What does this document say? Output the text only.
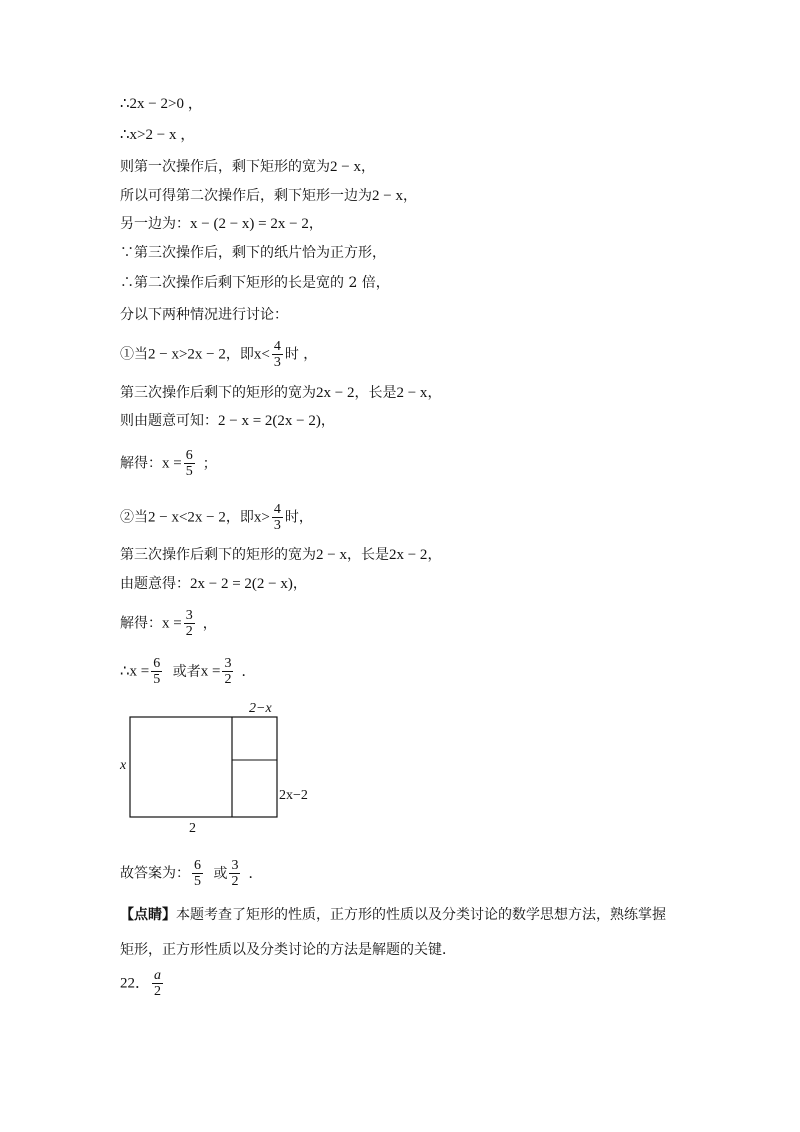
∴2x − 2>0 ，
∴x>2 − x ，
则第一次操作后，剩下矩形的宽为2 − x，
所以可得第二次操作后，剩下矩形一边为2 − x，
另一边为：x − (2 − x) = 2x − 2，
∵第三次操作后，剩下的纸片恰为正方形，
∴第二次操作后剩下矩形的长是宽的 2 倍，
分以下两种情况进行讨论：
①当2 − x>2x − 2，即$x< \frac{4}{3}$ 时 ，
第三次操作后剩下的矩形的宽为2x − 2，长是2 − x，
则由题意可知：2 − x = 2(2x − 2)，
解得：$x = \frac{6}{5}$ ；
②当2 − x<2x − 2，即$x> \frac{4}{3}$ 时，
第三次操作后剩下的矩形的宽为2 − x，长是2x − 2，
由题意得：2x − 2 = 2(2 − x)，
解得：$x = \frac{3}{2}$ ，
∴x = $\frac{6}{5}$ 或者$x = \frac{3}{2}$ ．
2−x
x
2x−2
2
故答案为： $\frac{6}{5}$ 或 $\frac{3}{2}$ ．
【点睛】本题考查了矩形的性质，正方形的性质以及分类讨论的数学思想方法，熟练掌握
矩形，正方形性质以及分类讨论的方法是解题的关键．
22． $\frac{a}{2}$
